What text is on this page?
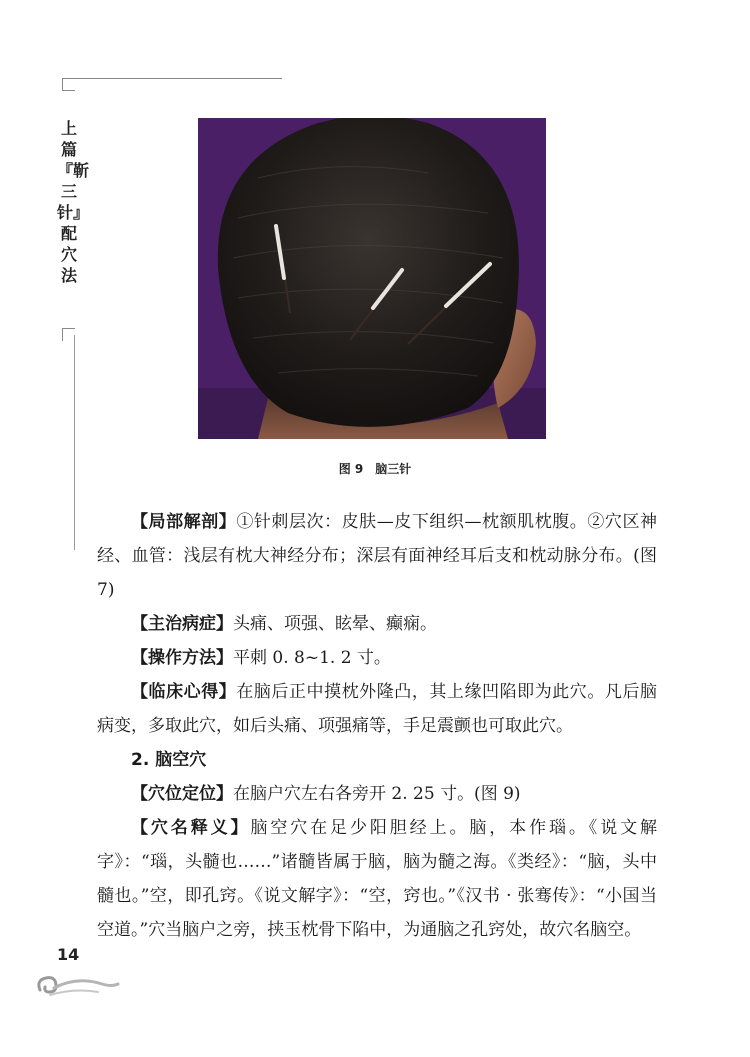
上篇 『靳三针』配穴法
图 9 脑三针

【局部解剖】①针刺层次：皮肤—皮下组织—枕额肌枕腹。②穴区神经、血管：浅层有枕大神经分布；深层有面神经耳后支和枕动脉分布。(图 7)

【主治病症】头痛、项强、眩晕、癫痫。

【操作方法】平刺 0. 8~1. 2 寸。

【临床心得】在脑后正中摸枕外隆凸，其上缘凹陷即为此穴。凡后脑病变，多取此穴，如后头痛、项强痛等，手足震颤也可取此穴。

2. 脑空穴

【穴位定位】在脑户穴左右各旁开 2. 25 寸。(图 9)

【穴名释义】脑空穴在足少阳胆经上。脑，本作瑙。《说文解字》：“瑙，头髓也……”诸髓皆属于脑，脑为髓之海。《类经》：“脑，头中髓也。”空，即孔窍。《说文解字》：“空，窍也。”《汉书 · 张骞传》：“小国当空道。”穴当脑户之旁，挟玉枕骨下陷中，为通脑之孔窍处，故穴名脑空。

14
